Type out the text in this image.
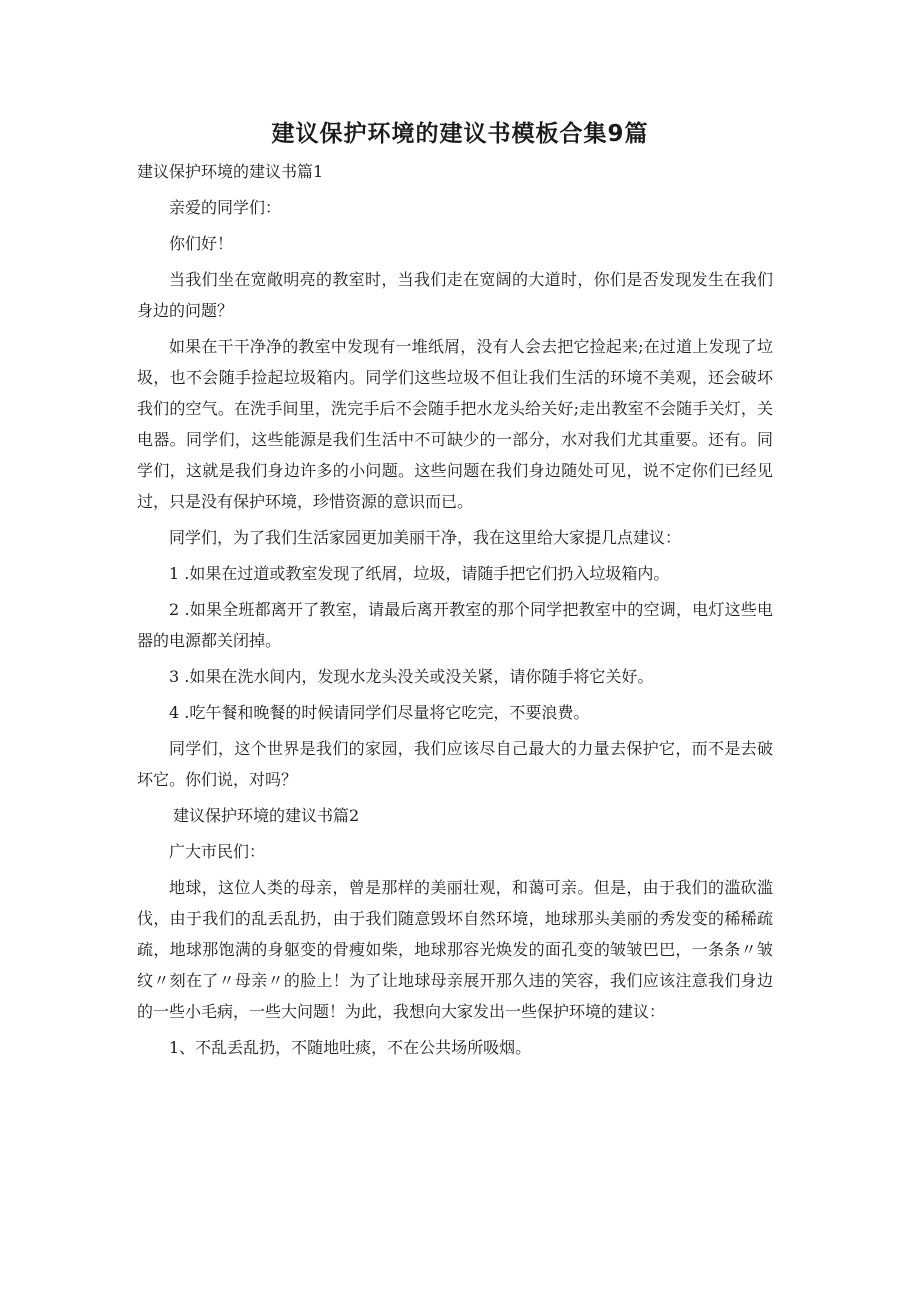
建议保护环境的建议书模板合集9篇

建议保护环境的建议书篇1

亲爱的同学们：

你们好！

当我们坐在宽敞明亮的教室时，当我们走在宽阔的大道时，你们是否发现发生在我们身边的问题？

如果在干干净净的教室中发现有一堆纸屑，没有人会去把它捡起来;在过道上发现了垃圾，也不会随手捡起垃圾箱内。同学们这些垃圾不但让我们生活的环境不美观，还会破坏我们的空气。在洗手间里，洗完手后不会随手把水龙头给关好;走出教室不会随手关灯，关电器。同学们，这些能源是我们生活中不可缺少的一部分，水对我们尤其重要。还有。同学们，这就是我们身边许多的小问题。这些问题在我们身边随处可见，说不定你们已经见过，只是没有保护环境，珍惜资源的意识而已。

同学们，为了我们生活家园更加美丽干净，我在这里给大家提几点建议：

1 .如果在过道或教室发现了纸屑，垃圾，请随手把它们扔入垃圾箱内。

2 .如果全班都离开了教室，请最后离开教室的那个同学把教室中的空调，电灯这些电器的电源都关闭掉。

3 .如果在洗水间内，发现水龙头没关或没关紧，请你随手将它关好。

4 .吃午餐和晚餐的时候请同学们尽量将它吃完，不要浪费。

同学们，这个世界是我们的家园，我们应该尽自己最大的力量去保护它，而不是去破坏它。你们说，对吗？

建议保护环境的建议书篇2

广大市民们：

地球，这位人类的母亲，曾是那样的美丽壮观，和蔼可亲。但是，由于我们的滥砍滥伐，由于我们的乱丢乱扔，由于我们随意毁坏自然环境，地球那头美丽的秀发变的稀稀疏疏，地球那饱满的身躯变的骨瘦如柴，地球那容光焕发的面孔变的皱皱巴巴，一条条〃皱纹〃刻在了〃母亲〃的脸上！为了让地球母亲展开那久违的笑容，我们应该注意我们身边的一些小毛病，一些大问题！为此，我想向大家发出一些保护环境的建议：

1、不乱丢乱扔，不随地吐痰，不在公共场所吸烟。
